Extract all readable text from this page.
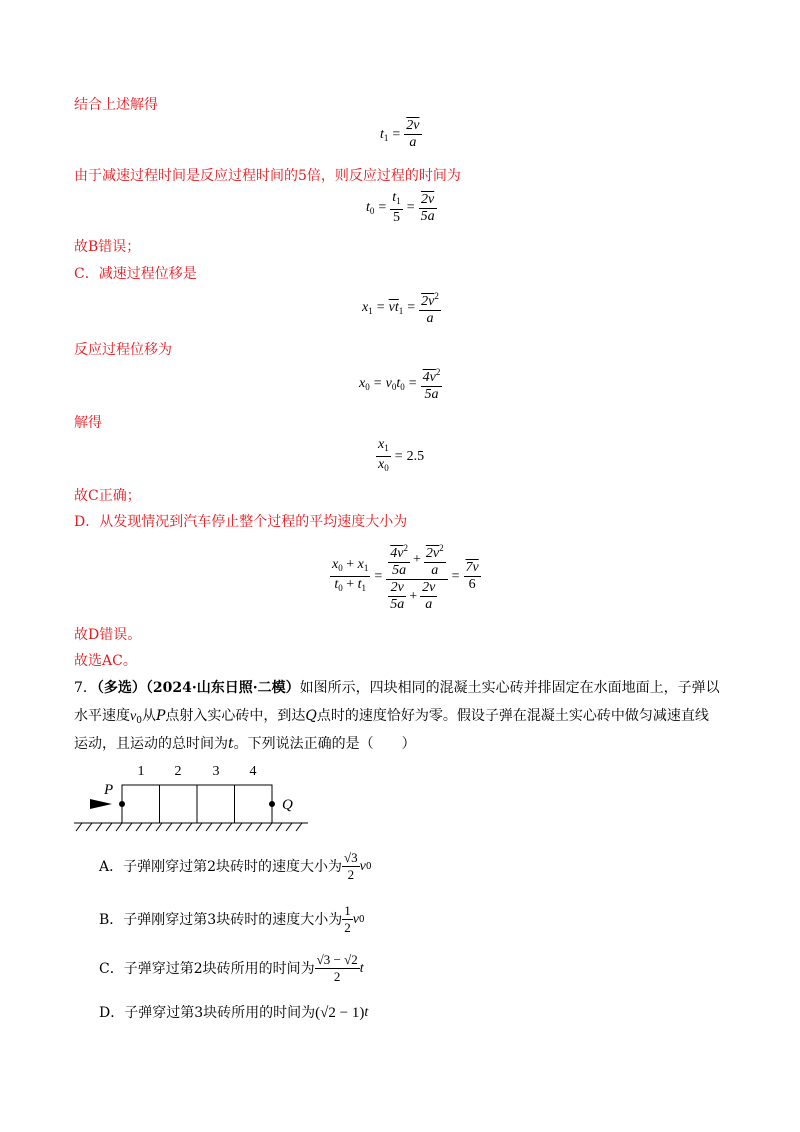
结合上述解得
$t_1 = \frac{2v}{a}$
由于减速过程时间是反应过程时间的5倍，则反应过程的时间为
$t_0 = \frac{t_1}{5} = \frac{2v}{5a}$
故B错误；
C．减速过程位移是
$x_1 = \overline{vt}_1 = \frac{2v^2}{a}$
反应过程位移为
$x_0 = v_0t_0 = \frac{4v^2}{5a}$
解得
$\frac{x_1}{x_0} = 2.5$
故C正确；
D．从发现情况到汽车停止整个过程的平均速度大小为
$\frac{x_0 + x_1}{t_0 + t_1} = \frac{\frac{4v^2}{5a} + \frac{2v^2}{a}}{\frac{2v}{5a} + \frac{2v}{a}} = \frac{7v}{6}$
故D错误。
故选AC。
7．（多选）（2024·山东日照·二模）如图所示，四块相同的混凝土实心砖并排固定在水面地面上，子弹以
水平速度$v_0$从P点射入实心砖中，到达Q点时的速度恰好为零。假设子弹在混凝土实心砖中做匀减速直线
运动，且运动的总时间为t。下列说法正确的是（　　）
1 2 3 4
P
Q
A．子弹刚穿过第2块砖时的速度大小为 $\frac{√3}{2}$ v 0
B．子弹刚穿过第3块砖时的速度大小为 $\frac{1}{2}$ v 0
C．子弹穿过第2块砖所用的时间为 $\frac{√3 - √2}{2}$ t
D．子弹穿过第3块砖所用的时间为 (√2 − 1) t
